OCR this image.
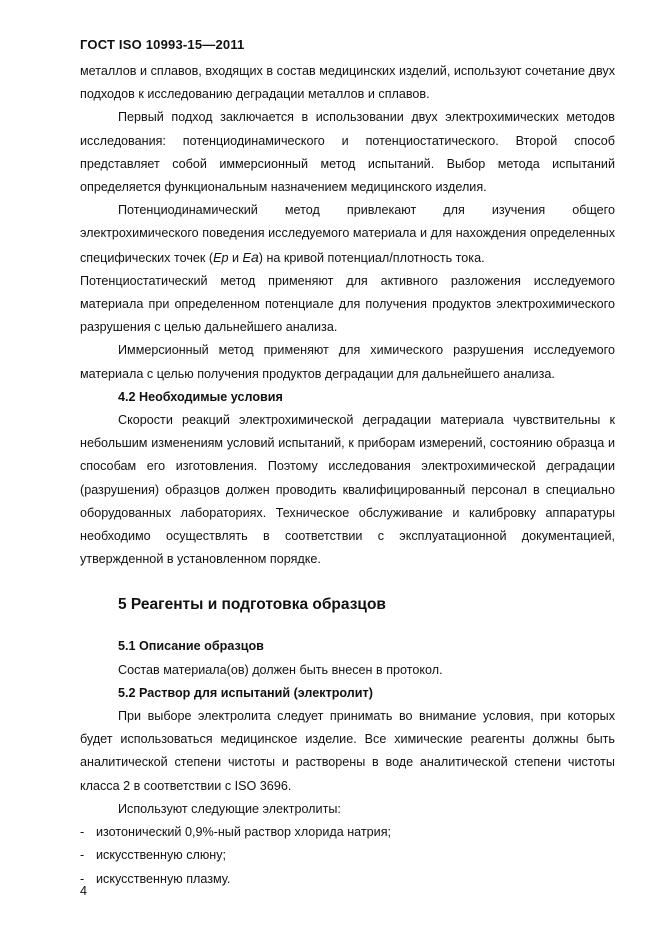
ГОСТ ISO 10993-15—2011

металлов и сплавов, входящих в состав медицинских изделий, используют сочетание двух подходов к исследованию деградации металлов и сплавов.

Первый подход заключается в использовании двух электрохимических методов исследования: потенциодинамического и потенциостатического. Второй способ представляет собой иммерсионный метод испытаний. Выбор метода испытаний определяется функциональным назначением медицинского изделия.

Потенциодинамический метод привлекают для изучения общего электрохимического поведения исследуемого материала и для нахождения определенных специфических точек (Ep и Ea) на кривой потенциал/плотность тока.

Потенциостатический метод применяют для активного разложения исследуемого материала при определенном потенциале для получения продуктов электрохимического разрушения с целью дальнейшего анализа.

Иммерсионный метод применяют для химического разрушения исследуемого материала с целью получения продуктов деградации для дальнейшего анализа.

4.2 Необходимые условия

Скорости реакций электрохимической деградации материала чувствительны к небольшим изменениям условий испытаний, к приборам измерений, состоянию образца и способам его изготовления. Поэтому исследования электрохимической деградации (разрушения) образцов должен проводить квалифицированный персонал в специально оборудованных лабораториях. Техническое обслуживание и калибровку аппаратуры необходимо осуществлять в соответствии с эксплуатационной документацией, утвержденной в установленном порядке.

5 Реагенты и подготовка образцов

5.1 Описание образцов

Состав материала(ов) должен быть внесен в протокол.

5.2 Раствор для испытаний (электролит)

При выборе электролита следует принимать во внимание условия, при которых будет использоваться медицинское изделие. Все химические реагенты должны быть аналитической степени чистоты и растворены в воде аналитической степени чистоты класса 2 в соответствии с ISO 3696.

Используют следующие электролиты:

- изотонический 0,9%-ный раствор хлорида натрия;

- искусственную слюну;

- искусственную плазму.

4
